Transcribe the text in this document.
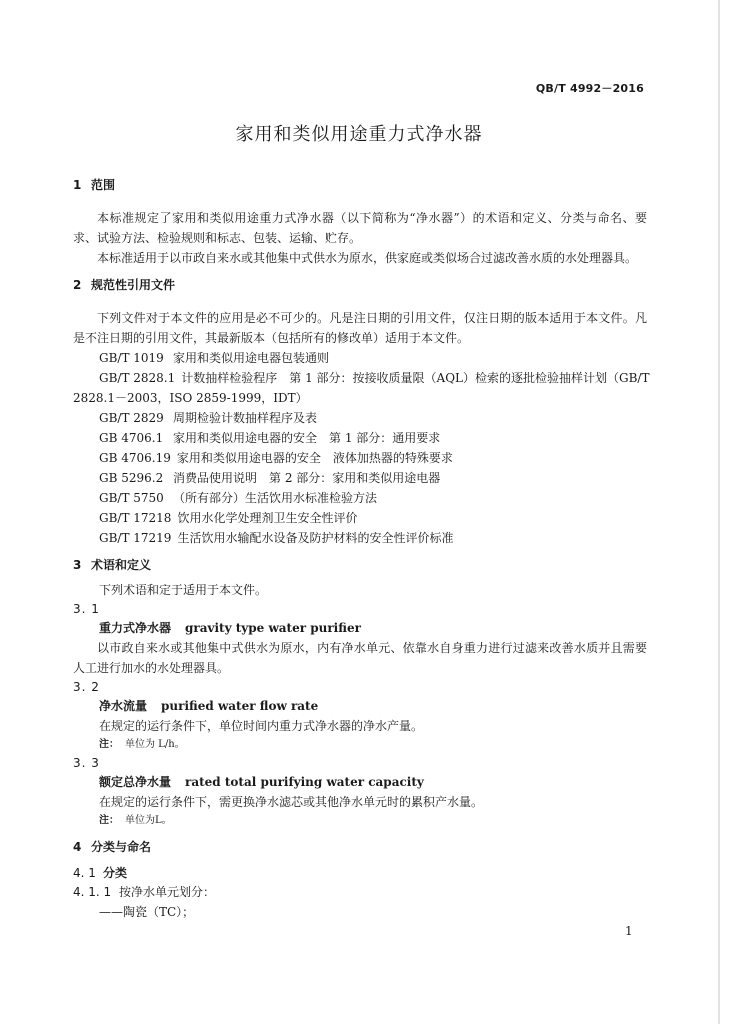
QB/T 4992－2016
家用和类似用途重力式净水器
1 范围
本标准规定了家用和类似用途重力式净水器（以下简称为“净水器”）的术语和定义、分类与命名、要求、试验方法、检验规则和标志、包装、运输、贮存。
本标准适用于以市政自来水或其他集中式供水为原水，供家庭或类似场合过滤改善水质的水处理器具。
2 规范性引用文件
下列文件对于本文件的应用是必不可少的。凡是注日期的引用文件，仅注日期的版本适用于本文件。凡是不注日期的引用文件，其最新版本（包括所有的修改单）适用于本文件。
GB/T 1019 家用和类似用途电器包装通则
GB/T 2828.1 计数抽样检验程序　第 1 部分：按接收质量限（AQL）检索的逐批检验抽样计划（GB/T
2828.1－2003，ISO 2859-1999，IDT）
GB/T 2829 周期检验计数抽样程序及表
GB 4706.1 家用和类似用途电器的安全　第 1 部分：通用要求
GB 4706.19 家用和类似用途电器的安全　液体加热器的特殊要求
GB 5296.2 消费品使用说明　第 2 部分：家用和类似用途电器
GB/T 5750 （所有部分）生活饮用水标准检验方法
GB/T 17218 饮用水化学处理剂卫生安全性评价
GB/T 17219 生活饮用水输配水设备及防护材料的安全性评价标准
3 术语和定义
下列术语和定于适用于本文件。
3. 1
重力式净水器 gravity type water purifier
以市政自来水或其他集中式供水为原水，内有净水单元、依靠水自身重力进行过滤来改善水质并且需要人工进行加水的水处理器具。
3. 2
净水流量 purified water flow rate
在规定的运行条件下，单位时间内重力式净水器的净水产量。
注： 单位为 L/h。
3. 3
额定总净水量 rated total purifying water capacity
在规定的运行条件下，需更换净水滤芯或其他净水单元时的累积产水量。
注： 单位为L。
4 分类与命名
4. 1 分类
4. 1. 1 按净水单元划分：
——陶瓷（TC）；
1
